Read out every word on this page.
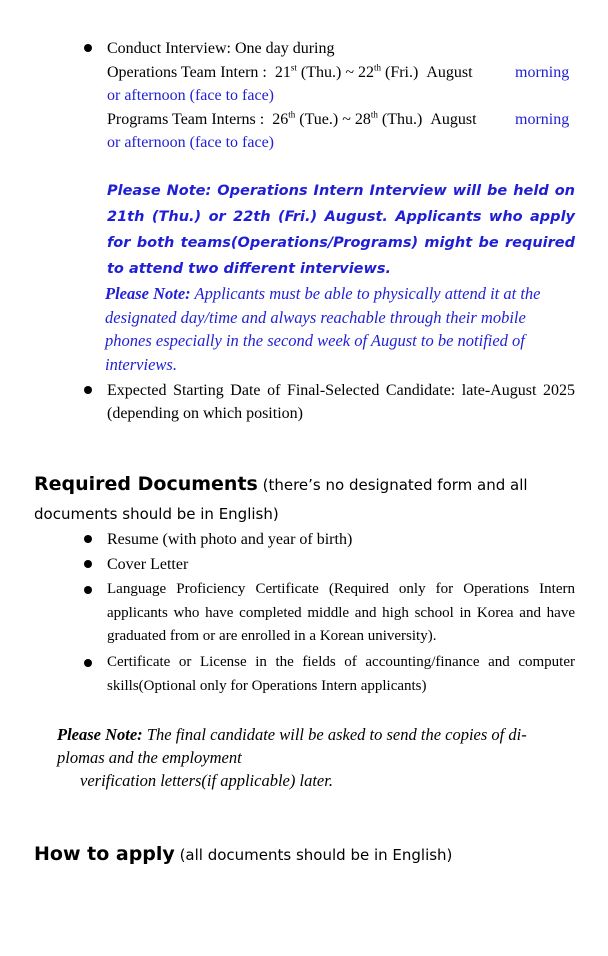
Conduct Interview: One day during
Operations Team Intern : 21st (Thu.) ~ 22th (Fri.) August	morning
or afternoon (face to face)
Programs Team Interns : 26th (Tue.) ~ 28th (Thu.) August	morning
or afternoon (face to face)
Please Note: Operations Intern Interview will be held on 21th (Thu.) or 22th (Fri.) August. Applicants who apply for both teams(Operations/Programs) might be required to attend two different interviews.
Please Note: Applicants must be able to physically attend it at the designated day/time and always reachable through their mobile phones especially in the second week of August to be notified of interviews.
Expected Starting Date of Final-Selected Candidate: late-August 2025 (depending on which position)
Required Documents (there’s no designated form and all documents should be in English)
Resume (with photo and year of birth)
Cover Letter
Language Proficiency Certificate (Required only for Operations Intern applicants who have completed middle and high school in Korea and have graduated from or are enrolled in a Korean university).
Certificate or License in the fields of accounting/finance and computer skills(Optional only for Operations Intern applicants)
Please Note: The final candidate will be asked to send the copies of di-
plomas and the employment
verification letters(if applicable) later.
How to apply (all documents should be in English)
